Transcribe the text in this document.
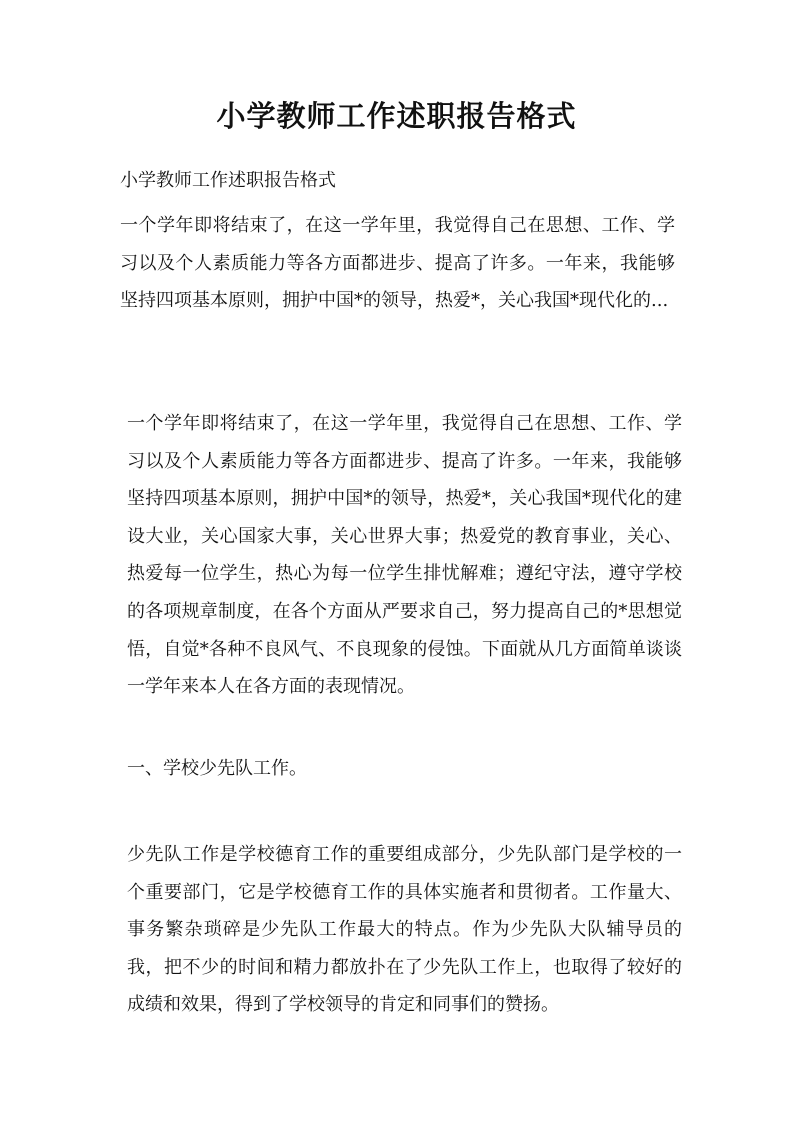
小学教师工作述职报告格式

小学教师工作述职报告格式

一个学年即将结束了，在这一学年里，我觉得自己在思想、工作、学习以及个人素质能力等各方面都进步、提高了许多。一年来，我能够坚持四项基本原则，拥护中国*的领导，热爱*，关心我国*现代化的...

一个学年即将结束了，在这一学年里，我觉得自己在思想、工作、学习以及个人素质能力等各方面都进步、提高了许多。一年来，我能够坚持四项基本原则，拥护中国*的领导，热爱*，关心我国*现代化的建设大业，关心国家大事，关心世界大事；热爱党的教育事业，关心、热爱每一位学生，热心为每一位学生排忧解难；遵纪守法，遵守学校的各项规章制度，在各个方面从严要求自己，努力提高自己的*思想觉悟，自觉*各种不良风气、不良现象的侵蚀。下面就从几方面简单谈谈一学年来本人在各方面的表现情况。

一、学校少先队工作。

少先队工作是学校德育工作的重要组成部分，少先队部门是学校的一个重要部门，它是学校德育工作的具体实施者和贯彻者。工作量大、事务繁杂琐碎是少先队工作最大的特点。作为少先队大队辅导员的我，把不少的时间和精力都放扑在了少先队工作上，也取得了较好的成绩和效果，得到了学校领导的肯定和同事们的赞扬。
